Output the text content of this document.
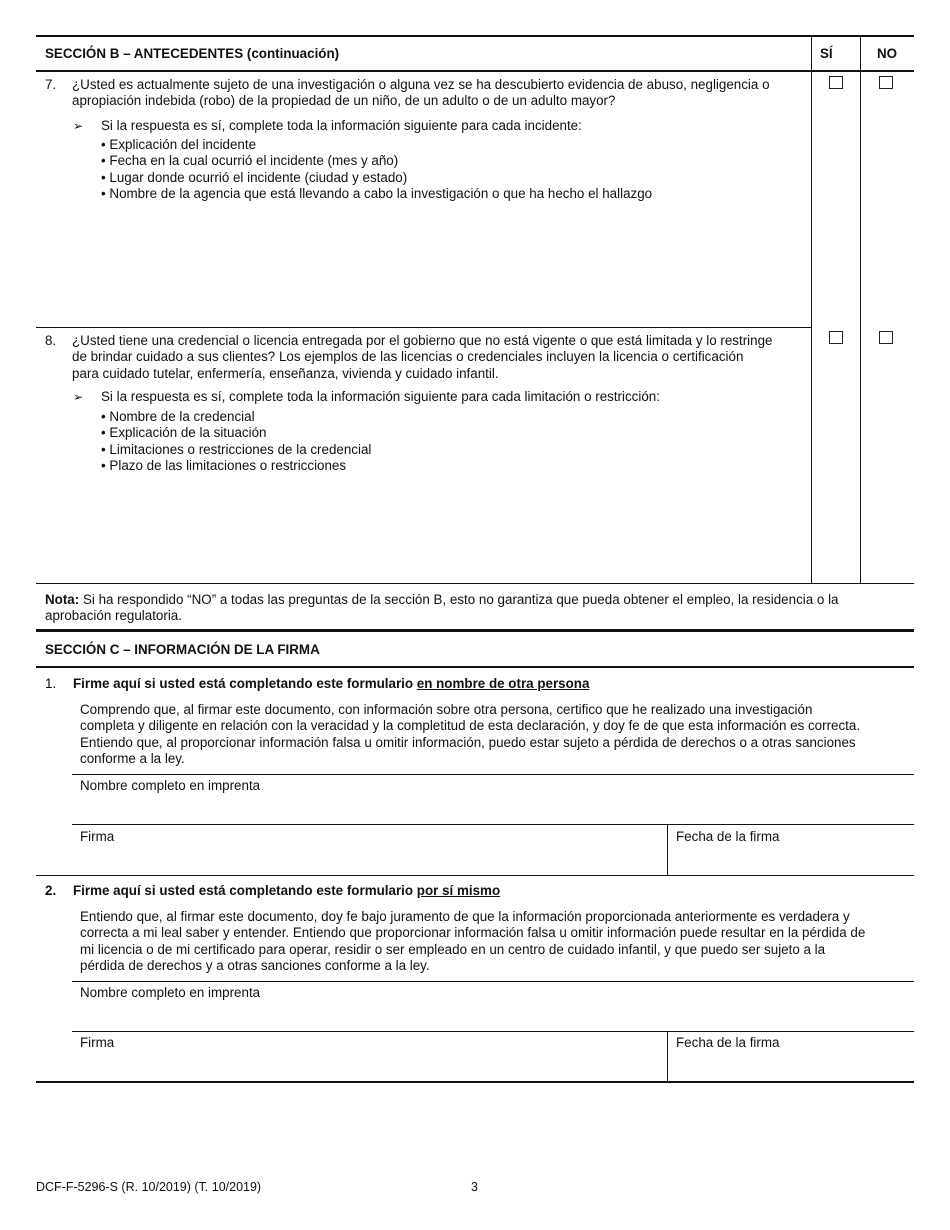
SECCIÓN B – ANTECEDENTES (continuación)	SÍ	NO
7. ¿Usted es actualmente sujeto de una investigación o alguna vez se ha descubierto evidencia de abuso, negligencia o
apropiación indebida (robo) de la propiedad de un niño, de un adulto o de un adulto mayor?
➢ Si la respuesta es sí, complete toda la información siguiente para cada incidente:
• Explicación del incidente
• Fecha en la cual ocurrió el incidente (mes y año)
• Lugar donde ocurrió el incidente (ciudad y estado)
• Nombre de la agencia que está llevando a cabo la investigación o que ha hecho el hallazgo
8. ¿Usted tiene una credencial o licencia entregada por el gobierno que no está vigente o que está limitada y lo restringe
de brindar cuidado a sus clientes? Los ejemplos de las licencias o credenciales incluyen la licencia o certificación
para cuidado tutelar, enfermería, enseñanza, vivienda y cuidado infantil.
➢ Si la respuesta es sí, complete toda la información siguiente para cada limitación o restricción:
• Nombre de la credencial
• Explicación de la situación
• Limitaciones o restricciones de la credencial
• Plazo de las limitaciones o restricciones
Nota: Si ha respondido “NO” a todas las preguntas de la sección B, esto no garantiza que pueda obtener el empleo, la residencia o la
aprobación regulatoria.
SECCIÓN C – INFORMACIÓN DE LA FIRMA
1. Firme aquí si usted está completando este formulario en nombre de otra persona
Comprendo que, al firmar este documento, con información sobre otra persona, certifico que he realizado una investigación
completa y diligente en relación con la veracidad y la completitud de esta declaración, y doy fe de que esta información es correcta.
Entiendo que, al proporcionar información falsa u omitir información, puedo estar sujeto a pérdida de derechos o a otras sanciones
conforme a la ley.
Nombre completo en imprenta
Firma	Fecha de la firma
2. Firme aquí si usted está completando este formulario por sí mismo
Entiendo que, al firmar este documento, doy fe bajo juramento de que la información proporcionada anteriormente es verdadera y
correcta a mi leal saber y entender. Entiendo que proporcionar información falsa u omitir información puede resultar en la pérdida de
mi licencia o de mi certificado para operar, residir o ser empleado en un centro de cuidado infantil, y que puedo ser sujeto a la
pérdida de derechos y a otras sanciones conforme a la ley.
Nombre completo en imprenta
Firma	Fecha de la firma
DCF-F-5296-S (R. 10/2019) (T. 10/2019)	3
